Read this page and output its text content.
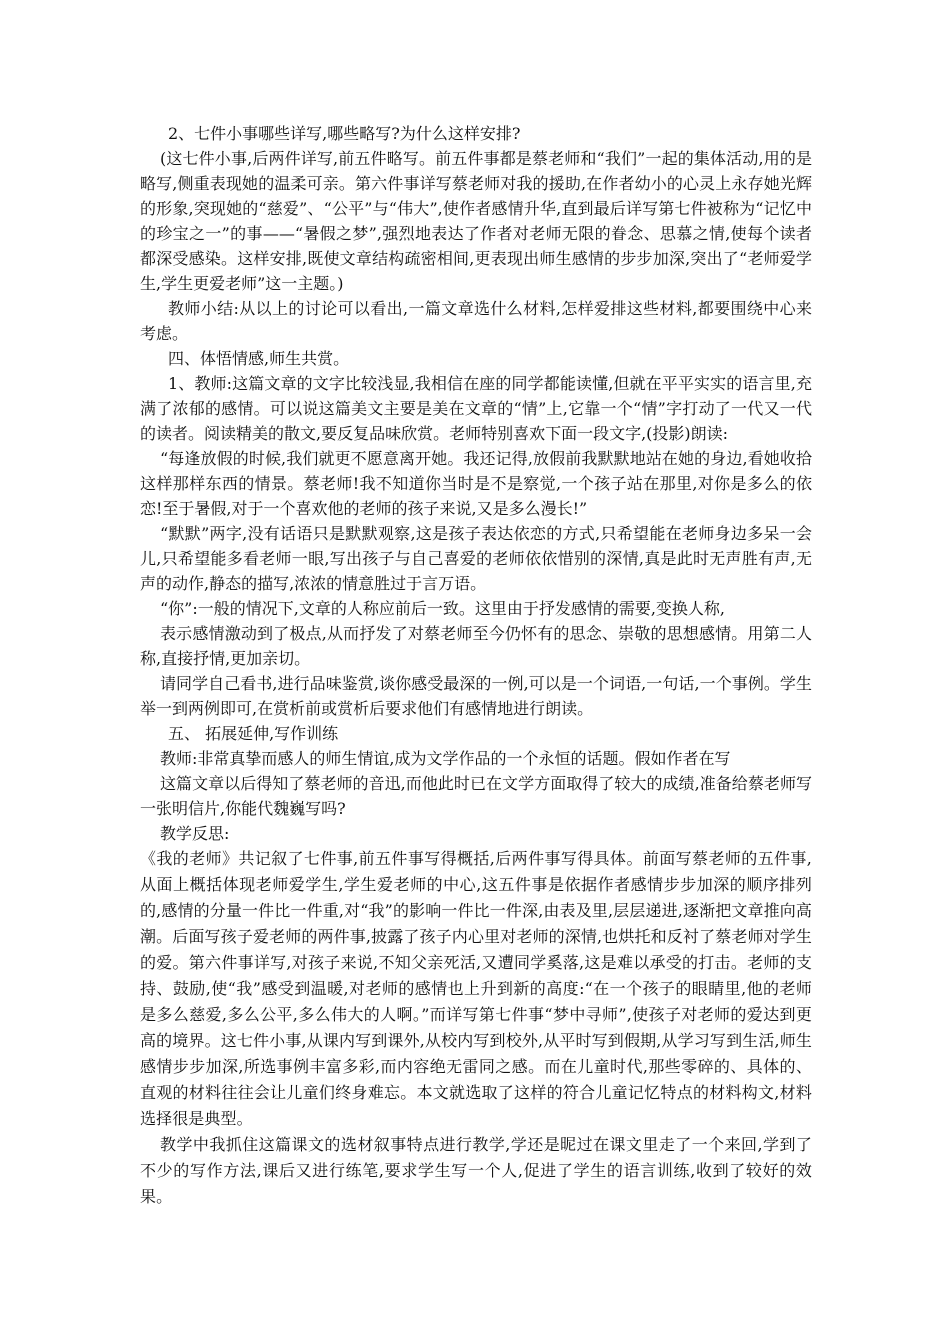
2、七件小事哪些详写,哪些略写?为什么这样安排?

(这七件小事,后两件详写,前五件略写。前五件事都是蔡老师和“我们”一起的集体活动,用的是略写,侧重表现她的温柔可亲。第六件事详写蔡老师对我的援助,在作者幼小的心灵上永存她光辉的形象,突现她的“慈爱”、“公平”与“伟大”,使作者感情升华,直到最后详写第七件被称为“记忆中的珍宝之一”的事——“暑假之梦”,强烈地表达了作者对老师无限的眷念、思慕之情,使每个读者都深受感染。这样安排,既使文章结构疏密相间,更表现出师生感情的步步加深,突出了“老师爱学生,学生更爱老师”这一主题。)

教师小结:从以上的讨论可以看出,一篇文章选什么材料,怎样爱排这些材料,都要围绕中心来考虑。

四、体悟情感,师生共赏。

1、教师:这篇文章的文字比较浅显,我相信在座的同学都能读懂,但就在平平实实的语言里,充满了浓郁的感情。可以说这篇美文主要是美在文章的“情”上,它靠一个“情”字打动了一代又一代的读者。阅读精美的散文,要反复品味欣赏。老师特别喜欢下面一段文字,(投影)朗读:

“每逢放假的时候,我们就更不愿意离开她。我还记得,放假前我默默地站在她的身边,看她收拾这样那样东西的情景。蔡老师!我不知道你当时是不是察觉,一个孩子站在那里,对你是多么的依恋!至于暑假,对于一个喜欢他的老师的孩子来说,又是多么漫长!”

“默默”两字,没有话语只是默默观察,这是孩子表达依恋的方式,只希望能在老师身边多呆一会儿,只希望能多看老师一眼,写出孩子与自己喜爱的老师依依惜别的深情,真是此时无声胜有声,无声的动作,静态的描写,浓浓的情意胜过于言万语。

“你”:一般的情况下,文章的人称应前后一致。这里由于抒发感情的需要,变换人称,

表示感情激动到了极点,从而抒发了对蔡老师至今仍怀有的思念、崇敬的思想感情。用第二人称,直接抒情,更加亲切。

请同学自己看书,进行品味鉴赏,谈你感受最深的一例,可以是一个词语,一句话,一个事例。学生举一到两例即可,在赏析前或赏析后要求他们有感情地进行朗读。

五、 拓展延伸,写作训练

教师:非常真挚而感人的师生情谊,成为文学作品的一个永恒的话题。假如作者在写

这篇文章以后得知了蔡老师的音迅,而他此时已在文学方面取得了较大的成绩,准备给蔡老师写一张明信片,你能代魏巍写吗?

教学反思:

《我的老师》共记叙了七件事,前五件事写得概括,后两件事写得具体。前面写蔡老师的五件事,从面上概括体现老师爱学生,学生爱老师的中心,这五件事是依据作者感情步步加深的顺序排列的,感情的分量一件比一件重,对“我”的影响一件比一件深,由表及里,层层递进,逐渐把文章推向高潮。后面写孩子爱老师的两件事,披露了孩子内心里对老师的深情,也烘托和反衬了蔡老师对学生的爱。第六件事详写,对孩子来说,不知父亲死活,又遭同学奚落,这是难以承受的打击。老师的支持、鼓励,使“我”感受到温暖,对老师的感情也上升到新的高度:“在一个孩子的眼睛里,他的老师是多么慈爱,多么公平,多么伟大的人啊。”而详写第七件事“梦中寻师”,使孩子对老师的爱达到更高的境界。这七件小事,从课内写到课外,从校内写到校外,从平时写到假期,从学习写到生活,师生感情步步加深,所选事例丰富多彩,而内容绝无雷同之感。而在儿童时代,那些零碎的、具体的、直观的材料往往会让儿童们终身难忘。本文就选取了这样的符合儿童记忆特点的材料构文,材料选择很是典型。

教学中我抓住这篇课文的选材叙事特点进行教学,学还是昵过在课文里走了一个来回,学到了不少的写作方法,课后又进行练笔,要求学生写一个人,促进了学生的语言训练,收到了较好的效果。
